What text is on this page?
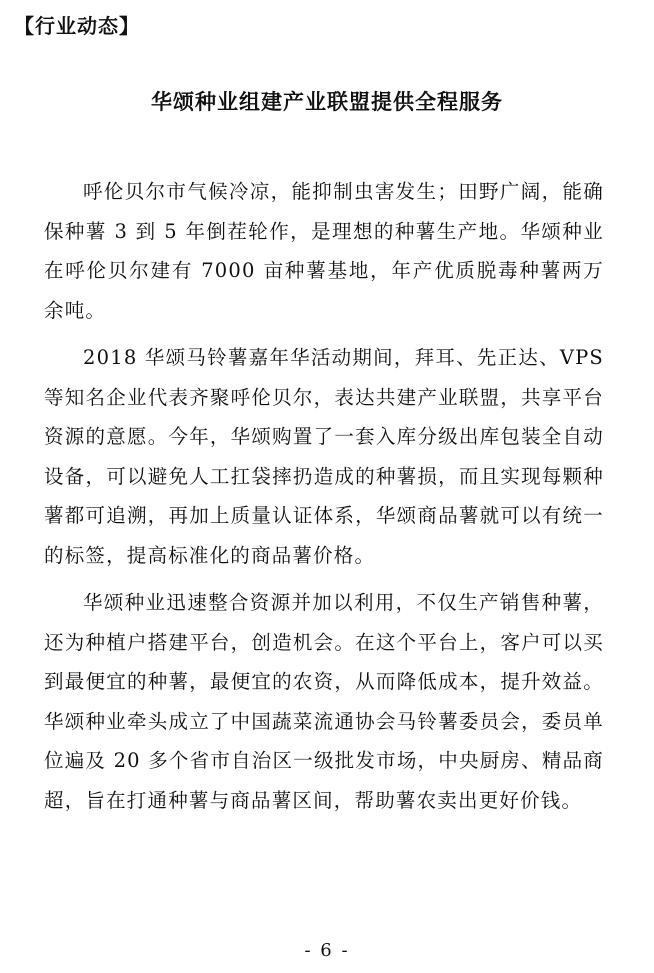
【行业动态】
华颂种业组建产业联盟提供全程服务

呼伦贝尔市气候冷凉，能抑制虫害发生；田野广阔，能确保种薯 3 到 5 年倒茬轮作，是理想的种薯生产地。华颂种业在呼伦贝尔建有 7000 亩种薯基地，年产优质脱毒种薯两万余吨。

2018 华颂马铃薯嘉年华活动期间，拜耳、先正达、VPS 等知名企业代表齐聚呼伦贝尔，表达共建产业联盟，共享平台资源的意愿。今年，华颂购置了一套入库分级出库包装全自动设备，可以避免人工扛袋摔扔造成的种薯损，而且实现每颗种薯都可追溯，再加上质量认证体系，华颂商品薯就可以有统一的标签，提高标准化的商品薯价格。

华颂种业迅速整合资源并加以利用，不仅生产销售种薯，还为种植户搭建平台，创造机会。在这个平台上，客户可以买到最便宜的种薯，最便宜的农资，从而降低成本，提升效益。华颂种业牵头成立了中国蔬菜流通协会马铃薯委员会，委员单位遍及 20 多个省市自治区一级批发市场，中央厨房、精品商超，旨在打通种薯与商品薯区间，帮助薯农卖出更好价钱。

- 6 -
